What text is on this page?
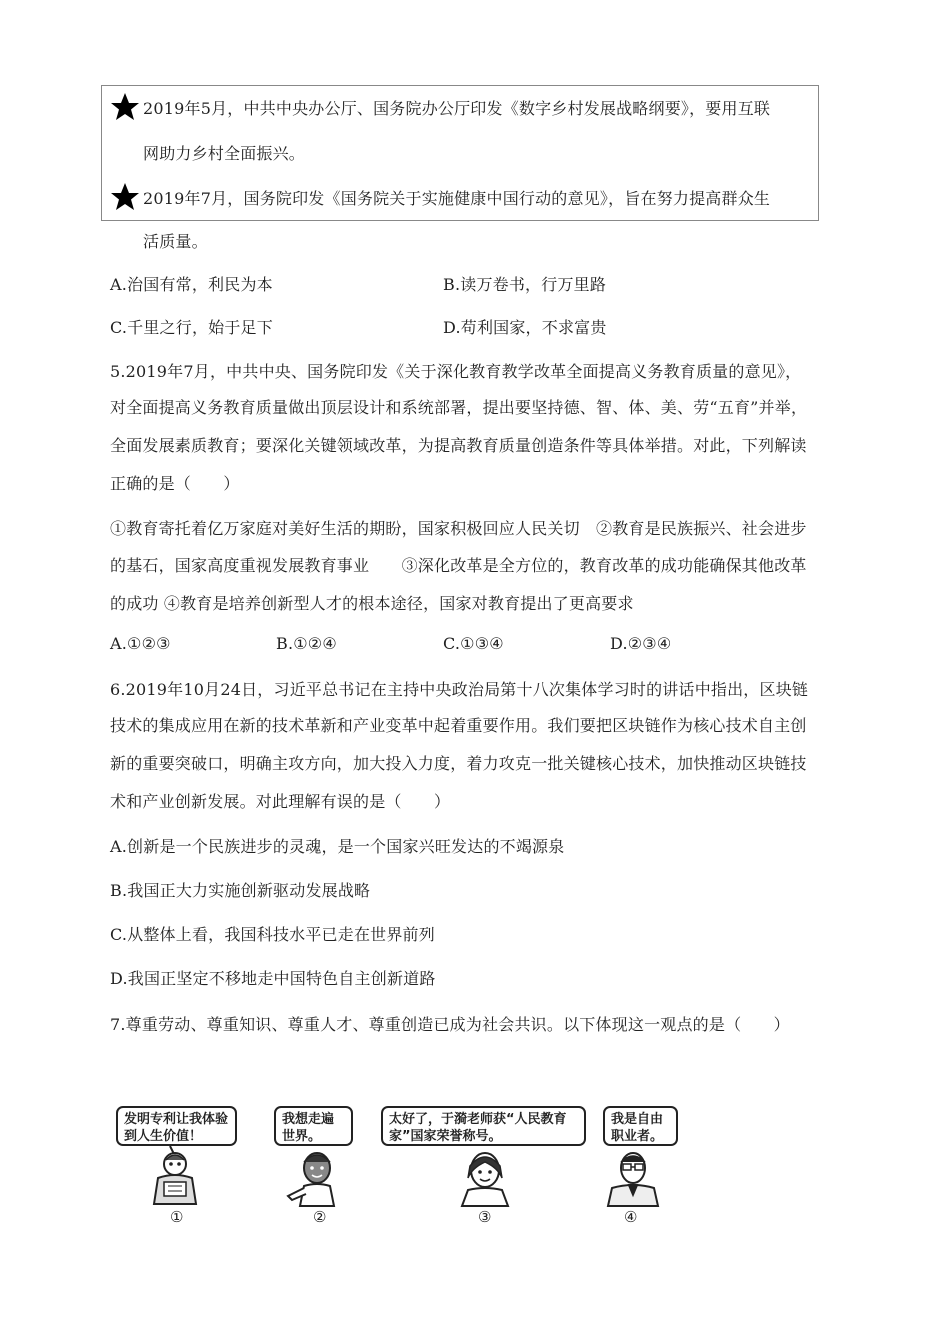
2019年5月，中共中央办公厅、国务院办公厅印发《数字乡村发展战略纲要》，要用互联
网助力乡村全面振兴。
2019年7月，国务院印发《国务院关于实施健康中国行动的意见》，旨在努力提高群众生
活质量。
A.治国有常，利民为本	B.读万卷书，行万里路
C.千里之行，始于足下	D.苟利国家，不求富贵
5.2019年7月，中共中央、国务院印发《关于深化教育教学改革全面提高义务教育质量的意见》，
对全面提高义务教育质量做出顶层设计和系统部署，提出要坚持德、智、体、美、劳“五育”并举，
全面发展素质教育；要深化关键领域改革，为提高教育质量创造条件等具体举措。对此，下列解读
正确的是（　　）
①教育寄托着亿万家庭对美好生活的期盼，国家积极回应人民关切　②教育是民族振兴、社会进步
的基石，国家高度重视发展教育事业　　③深化改革是全方位的，教育改革的成功能确保其他改革
的成功 ④教育是培养创新型人才的根本途径，国家对教育提出了更高要求
A.①②③	B.①②④	C.①③④	D.②③④
6.2019年10月24日，习近平总书记在主持中央政治局第十八次集体学习时的讲话中指出，区块链
技术的集成应用在新的技术革新和产业变革中起着重要作用。我们要把区块链作为核心技术自主创
新的重要突破口，明确主攻方向，加大投入力度，着力攻克一批关键核心技术，加快推动区块链技
术和产业创新发展。对此理解有误的是（　　）
A.创新是一个民族进步的灵魂，是一个国家兴旺发达的不竭源泉
B.我国正大力实施创新驱动发展战略
C.从整体上看，我国科技水平已走在世界前列
D.我国正坚定不移地走中国特色自主创新道路
7.尊重劳动、尊重知识、尊重人才、尊重创造已成为社会共识。以下体现这一观点的是（　　）
发明专利让我体验到人生价值！
①
我想走遍世界。
②
太好了，于漪老师获“人民教育家”国家荣誉称号。
③
我是自由职业者。
④
